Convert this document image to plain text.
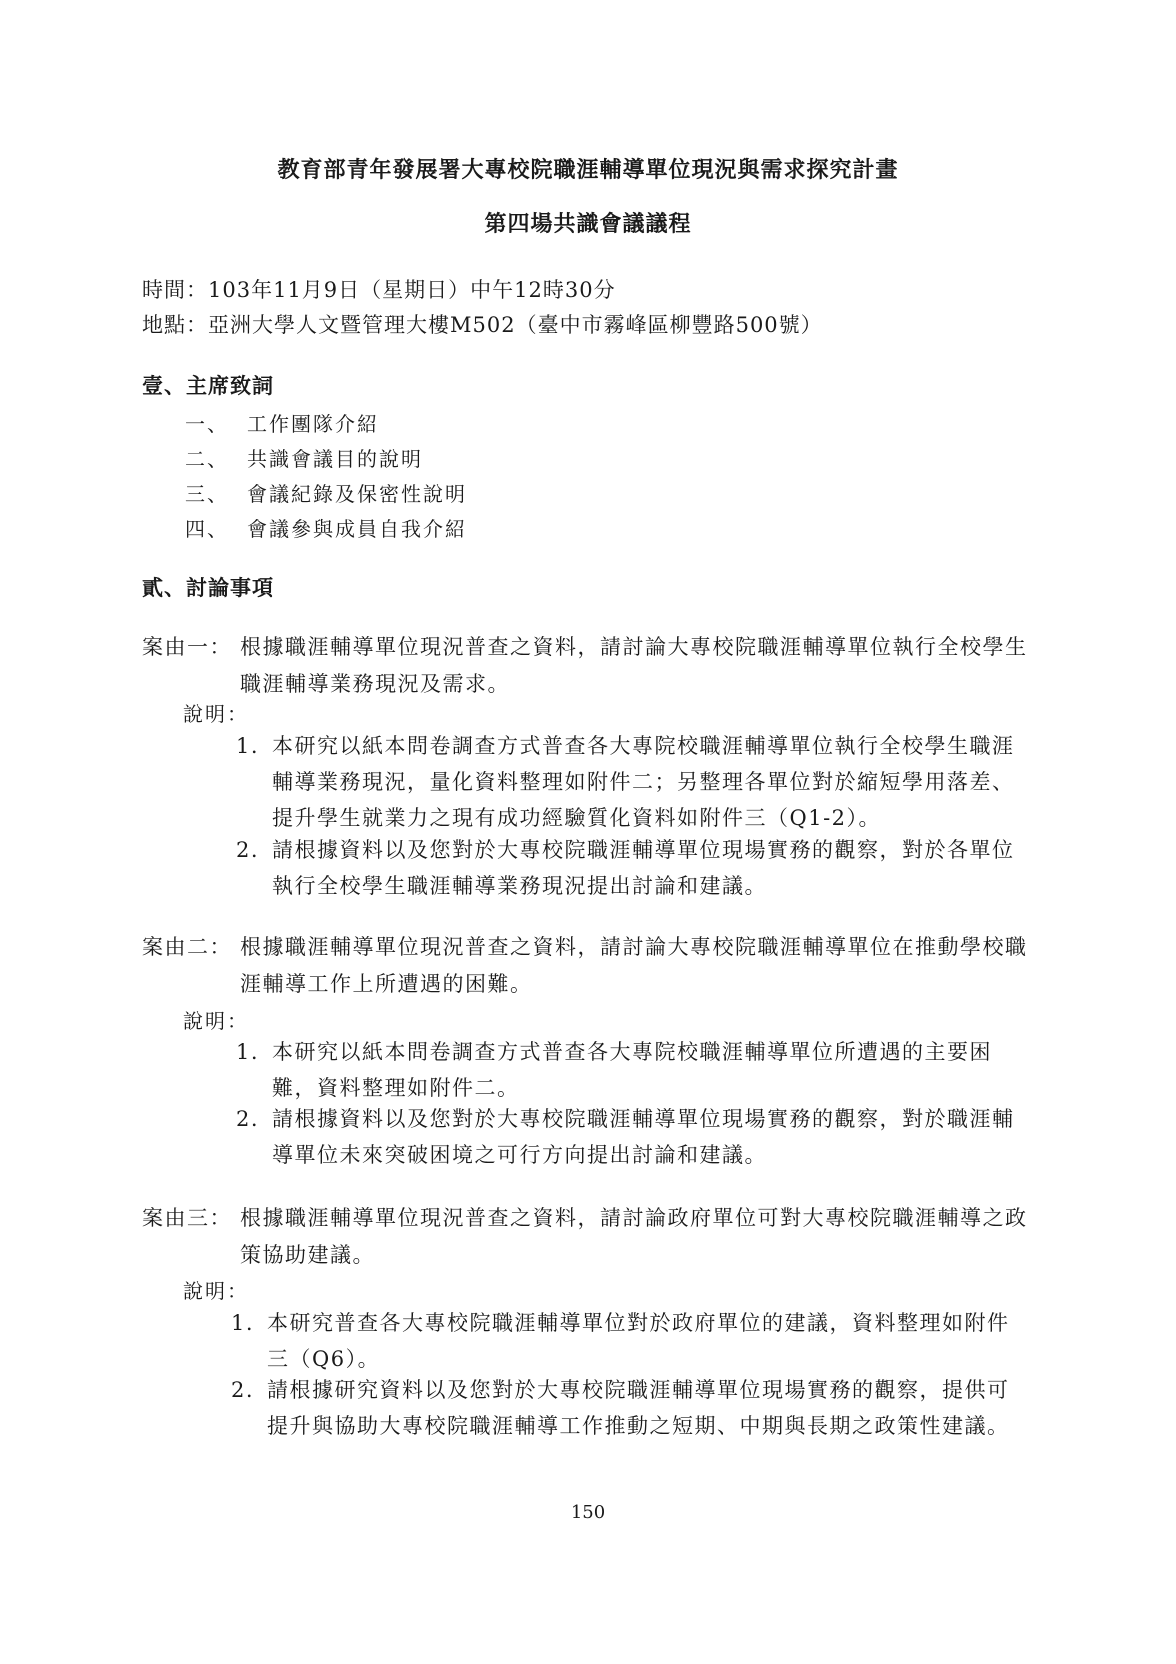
教育部青年發展署大專校院職涯輔導單位現況與需求探究計畫
第四場共識會議議程
時間：103年11月9日（星期日）中午12時30分
地點：亞洲大學人文暨管理大樓M502（臺中市霧峰區柳豐路500號）
壹、主席致詞
一、 工作團隊介紹
二、 共識會議目的說明
三、 會議紀錄及保密性說明
四、 會議參與成員自我介紹
貳、討論事項
案由一： 根據職涯輔導單位現況普查之資料，請討論大專校院職涯輔導單位執行全校學生職涯輔導業務現況及需求。
說明：
1. 本研究以紙本問卷調查方式普查各大專院校職涯輔導單位執行全校學生職涯輔導業務現況，量化資料整理如附件二；另整理各單位對於縮短學用落差、提升學生就業力之現有成功經驗質化資料如附件三（Q1-2）。
2. 請根據資料以及您對於大專校院職涯輔導單位現場實務的觀察，對於各單位執行全校學生職涯輔導業務現況提出討論和建議。
案由二： 根據職涯輔導單位現況普查之資料，請討論大專校院職涯輔導單位在推動學校職涯輔導工作上所遭遇的困難。
說明：
1. 本研究以紙本問卷調查方式普查各大專院校職涯輔導單位所遭遇的主要困難，資料整理如附件二。
2. 請根據資料以及您對於大專校院職涯輔導單位現場實務的觀察，對於職涯輔導單位未來突破困境之可行方向提出討論和建議。
案由三： 根據職涯輔導單位現況普查之資料，請討論政府單位可對大專校院職涯輔導之政策協助建議。
說明：
1. 本研究普查各大專校院職涯輔導單位對於政府單位的建議，資料整理如附件三（Q6）。
2. 請根據研究資料以及您對於大專校院職涯輔導單位現場實務的觀察，提供可提升與協助大專校院職涯輔導工作推動之短期、中期與長期之政策性建議。
150
